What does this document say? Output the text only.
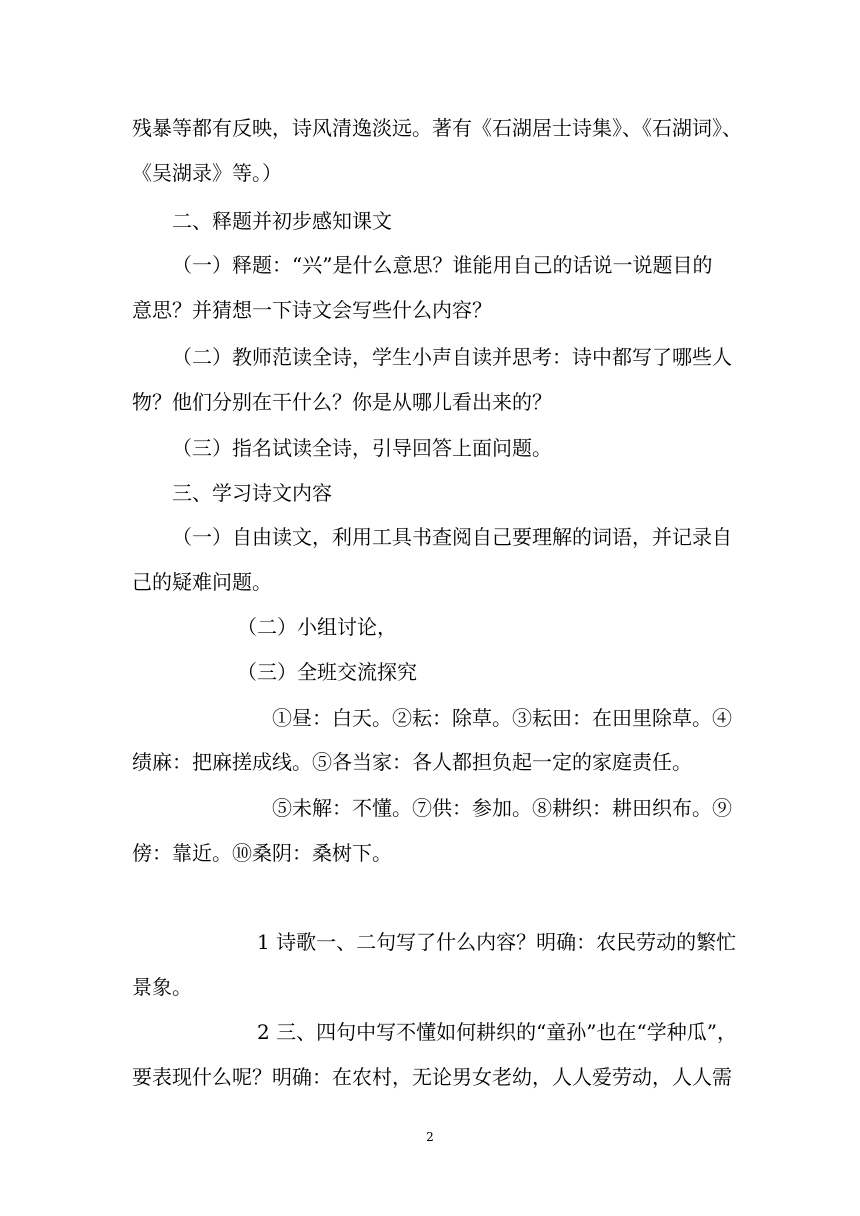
残暴等都有反映，诗风清逸淡远。著有《石湖居士诗集》、《石湖词》、
《吴湖录》等。）
二、释题并初步感知课文
（一）释题：“兴”是什么意思？谁能用自己的话说一说题目的
意思？并猜想一下诗文会写些什么内容？
（二）教师范读全诗，学生小声自读并思考：诗中都写了哪些人
物？他们分别在干什么？你是从哪儿看出来的？
（三）指名试读全诗，引导回答上面问题。
三、学习诗文内容
（一）自由读文，利用工具书查阅自己要理解的词语，并记录自
己的疑难问题。
（二）小组讨论，
（三）全班交流探究
①昼：白天。②耘：除草。③耘田：在田里除草。④
绩麻：把麻搓成线。⑤各当家：各人都担负起一定的家庭责任。
⑤未解：不懂。⑦供：参加。⑧耕织：耕田织布。⑨
傍：靠近。⑩桑阴：桑树下。
1 诗歌一、二句写了什么内容？明确：农民劳动的繁忙
景象。
2 三、四句中写不懂如何耕织的“童孙”也在“学种瓜”，
要表现什么呢？明确：在农村，无论男女老幼，人人爱劳动，人人需
2
